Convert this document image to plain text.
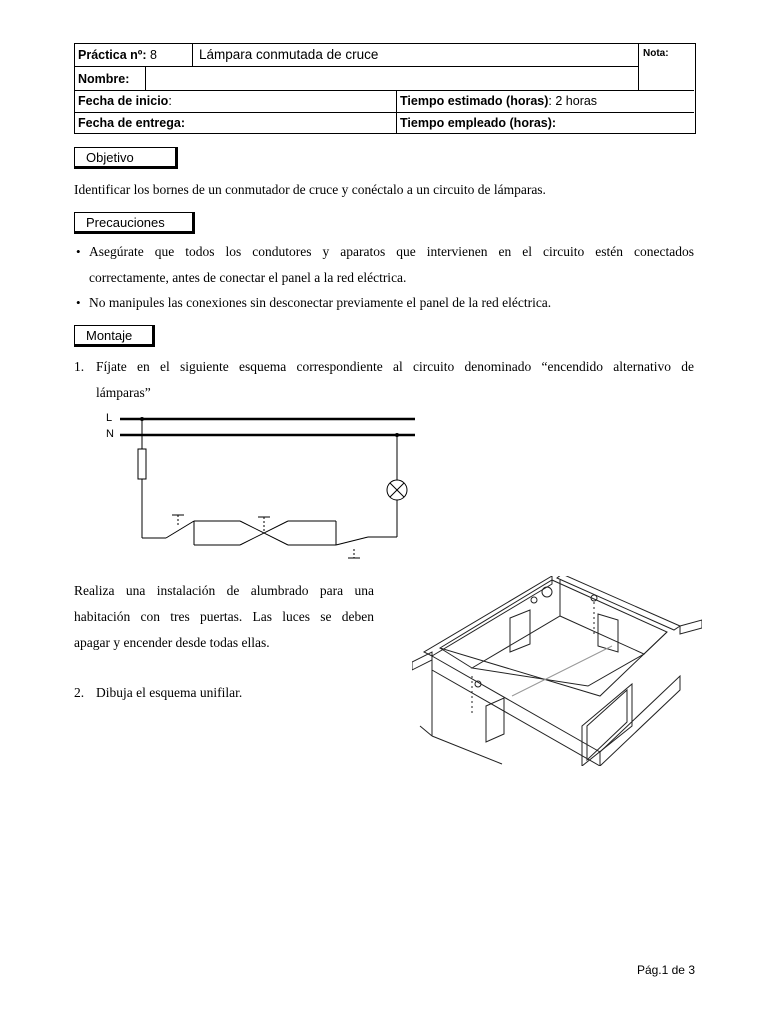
Práctica nº: 8	Lámpara conmutada de cruce	Nota:
Nombre:
Fecha de inicio:	Tiempo estimado (horas): 2 horas
Fecha de entrega:	Tiempo empleado (horas):
Objetivo
Identificar los bornes de un conmutador de cruce y conéctalo a un circuito de lámparas.
Precauciones
• Asegúrate que todos los condutores y aparatos que intervienen en el circuito estén conectados
correctamente, antes de conectar el panel a la red eléctrica.
• No manipules las conexiones sin desconectar previamente el panel de la red eléctrica.
Montaje
1. Fíjate en el siguiente esquema correspondiente al circuito denominado “encendido alternativo de
lámparas”
L
N
Realiza una instalación de alumbrado para una
habitación con tres puertas. Las luces se deben
apagar y encender desde todas ellas.
2. Dibuja el esquema unifilar.
Pág.1 de 3
